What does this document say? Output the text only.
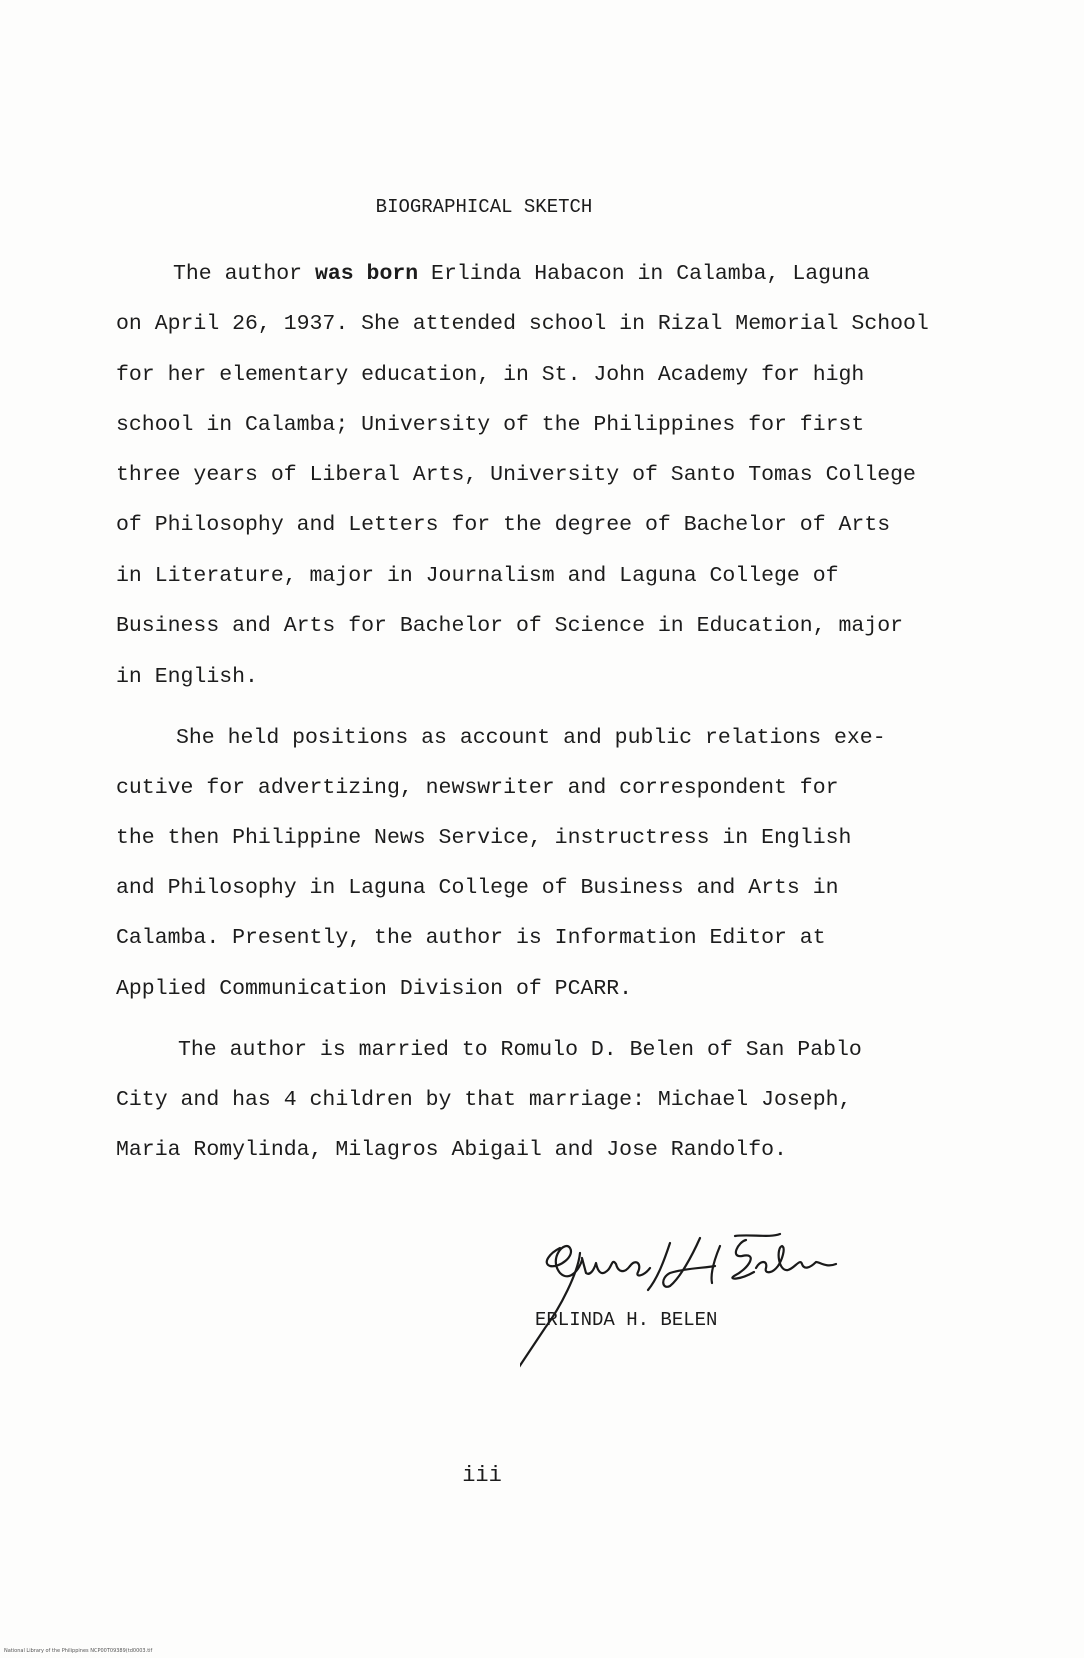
BIOGRAPHICAL SKETCH
The author was born Erlinda Habacon in Calamba, Laguna
on April 26, 1937. She attended school in Rizal Memorial School
for her elementary education, in St. John Academy for high
school in Calamba; University of the Philippines for first
three years of Liberal Arts, University of Santo Tomas College
of Philosophy and Letters for the degree of Bachelor of Arts
in Literature, major in Journalism and Laguna College of
Business and Arts for Bachelor of Science in Education, major
in English.
She held positions as account and public relations exe-
cutive for advertizing, newswriter and correspondent for
the then Philippine News Service, instructress in English
and Philosophy in Laguna College of Business and Arts in
Calamba. Presently, the author is Information Editor at
Applied Communication Division of PCARR.
The author is married to Romulo D. Belen of San Pablo
City and has 4 children by that marriage: Michael Joseph,
Maria Romylinda, Milagros Abigail and Jose Randolfo.
ERLINDA H. BELEN
iii
National Library of the Philippines NCP00T09389(td0003.tif
